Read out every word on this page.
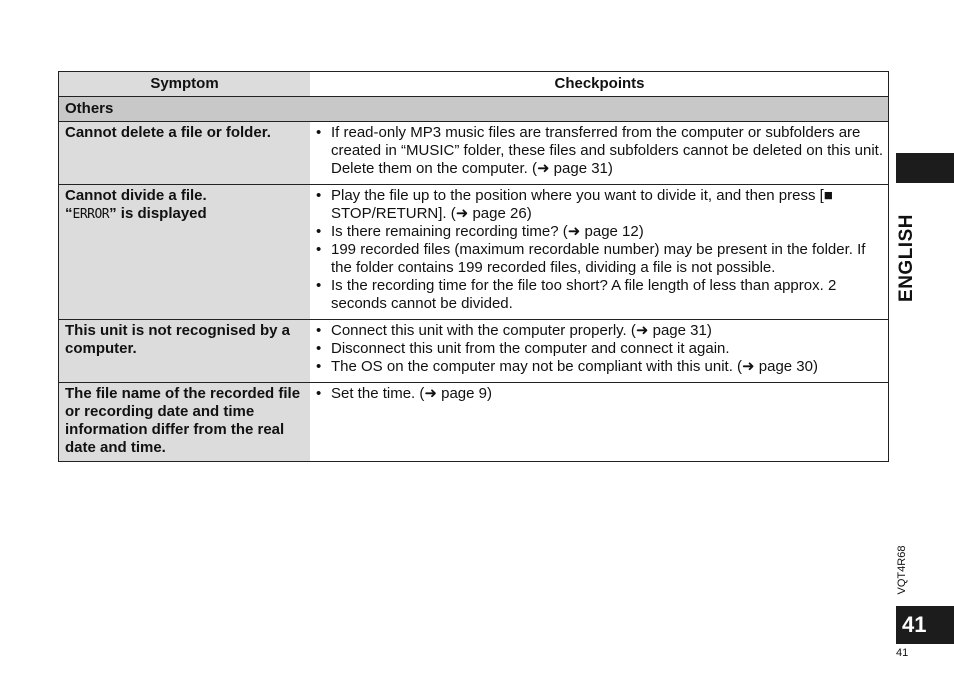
Symptom	Checkpoints
Others
Cannot delete a file or folder.
•	If read-only MP3 music files are transferred from the computer or subfolders are created in “MUSIC” folder, these files and subfolders cannot be deleted on this unit. Delete them on the computer. (➜ page 31)
Cannot divide a file.
“ERROR” is displayed
• Play the file up to the position where you want to divide it, and then press [■ STOP/RETURN]. (➜ page 26)
• Is there remaining recording time? (➜ page 12)
• 199 recorded files (maximum recordable number) may be present in the folder. If the folder contains 199 recorded files, dividing a file is not possible.
• Is the recording time for the file too short? A file length of less than approx. 2 seconds cannot be divided.
This unit is not recognised by a computer.
• Connect this unit with the computer properly. (➜ page 31)
• Disconnect this unit from the computer and connect it again.
• The OS on the computer may not be compliant with this unit. (➜ page 30)
The file name of the recorded file or recording date and time information differ from the real date and time.
• Set the time. (➜ page 9)
ENGLISH
VQT4R68
41
41
